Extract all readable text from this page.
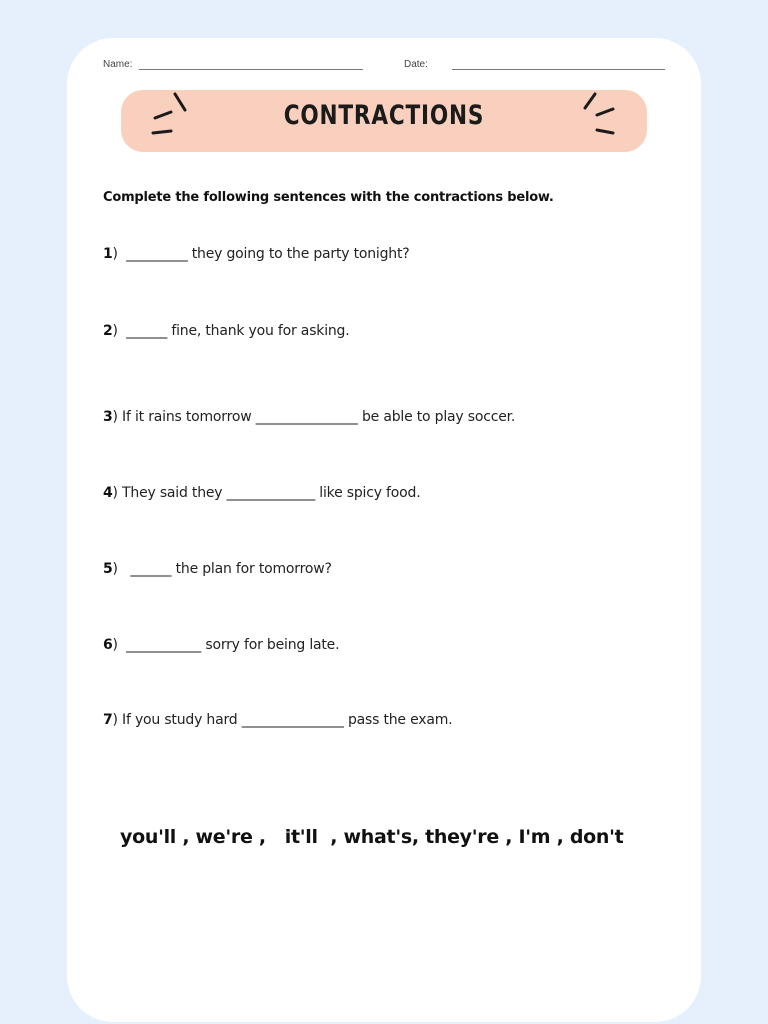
Name:	Date:
CONTRACTIONS
Complete the following sentences with the contractions below.
1)  _________ they going to the party tonight?
2)  ______ fine, thank you for asking.
3) If it rains tomorrow _______________ be able to play soccer.
4) They said they _____________ like spicy food.
5)   ______ the plan for tomorrow?
6)  ___________ sorry for being late.
7) If you study hard _______________ pass the exam.
you'll , we're ,   it'll  , what's, they're , I'm , don't
